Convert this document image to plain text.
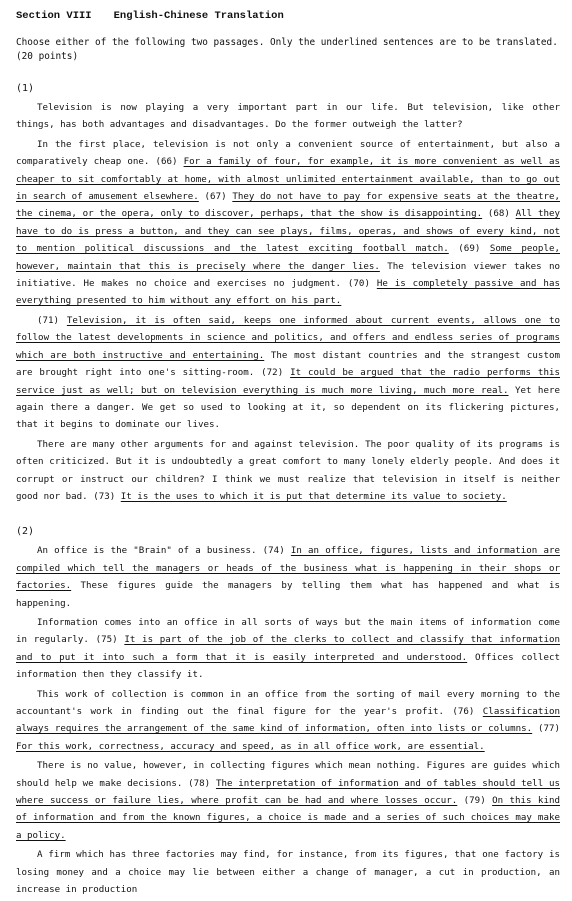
Section VIII English-Chinese Translation
Choose either of the following two passages. Only the underlined sentences are to be translated. (20 points)
(1)

Television is now playing a very important part in our life. But television, like other things, has both advantages and disadvantages. Do the former outweigh the latter?

In the first place, television is not only a convenient source of entertainment, but also a comparatively cheap one. (66) For a family of four, for example, it is more convenient as well as cheaper to sit comfortably at home, with almost unlimited entertainment available, than to go out in search of amusement elsewhere. (67) They do not have to pay for expensive seats at the theatre, the cinema, or the opera, only to discover, perhaps, that the show is disappointing. (68) All they have to do is press a button, and they can see plays, films, operas, and shows of every kind, not to mention political discussions and the latest exciting football match. (69) Some people, however, maintain that this is precisely where the danger lies. The television viewer takes no initiative. He makes no choice and exercises no judgment. (70) He is completely passive and has everything presented to him without any effort on his part.

(71) Television, it is often said, keeps one informed about current events, allows one to follow the latest developments in science and politics, and offers and endless series of programs which are both instructive and entertaining. The most distant countries and the strangest custom are brought right into one's sitting-room. (72) It could be argued that the radio performs this service just as well; but on television everything is much more living, much more real. Yet here again there a danger. We get so used to looking at it, so dependent on its flickering pictures, that it begins to dominate our lives.

There are many other arguments for and against television. The poor quality of its programs is often criticized. But it is undoubtedly a great comfort to many lonely elderly people. And does it corrupt or instruct our children? I think we must realize that television in itself is neither good nor bad. (73) It is the uses to which it is put that determine its value to society.

(2)

An office is the "Brain" of a business. (74) In an office, figures, lists and information are compiled which tell the managers or heads of the business what is happening in their shops or factories. These figures guide the managers by telling them what has happened and what is happening.

Information comes into an office in all sorts of ways but the main items of information come in regularly. (75) It is part of the job of the clerks to collect and classify that information and to put it into such a form that it is easily interpreted and understood. Offices collect information then they classify it.

This work of collection is common in an office from the sorting of mail every morning to the accountant's work in finding out the final figure for the year's profit. (76) Classification always requires the arrangement of the same kind of information, often into lists or columns. (77) For this work, correctness, accuracy and speed, as in all office work, are essential.

There is no value, however, in collecting figures which mean nothing. Figures are guides which should help we make decisions. (78) The interpretation of information and of tables should tell us where success or failure lies, where profit can be had and where losses occur. (79) On this kind of information and from the known figures, a choice is made and a series of such choices may make a policy.

A firm which has three factories may find, for instance, from its figures, that one factory is losing money and a choice may lie between either a change of manager, a cut in production, an increase in production
